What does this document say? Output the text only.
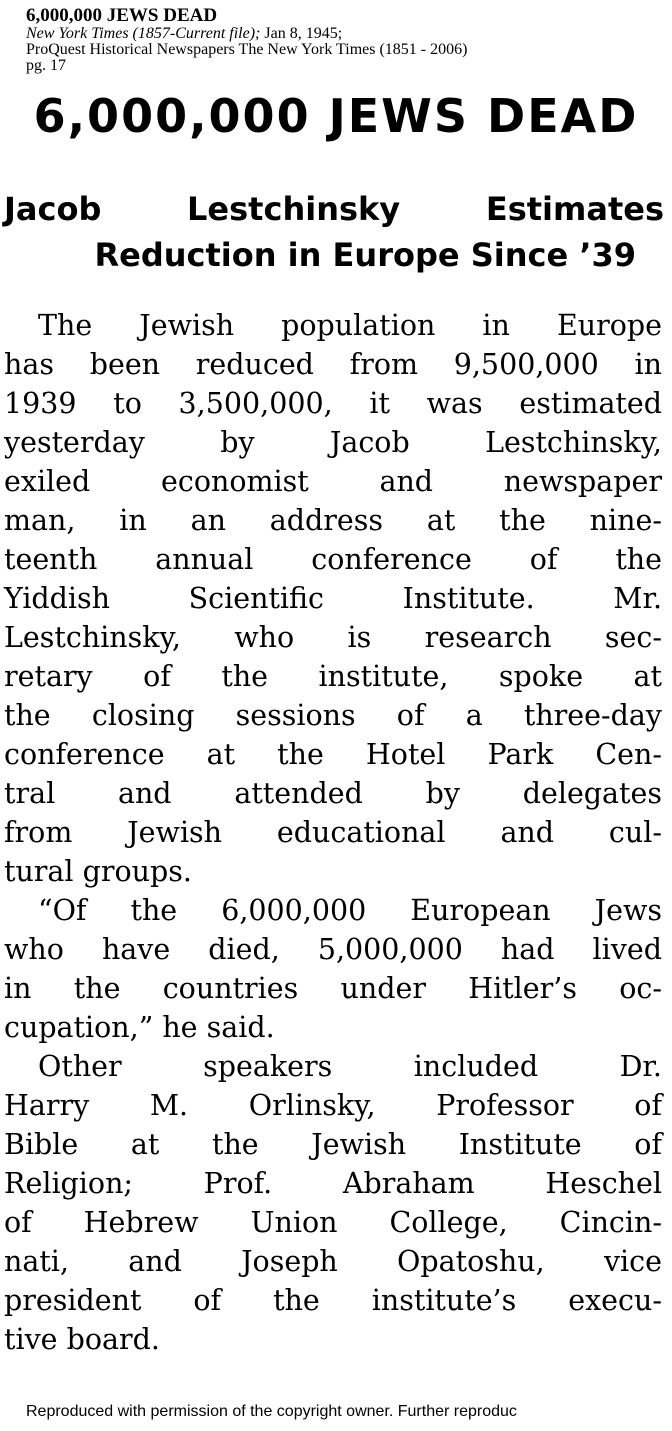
6,000,000 JEWS DEAD
New York Times (1857-Current file); Jan 8, 1945;
ProQuest Historical Newspapers The New York Times (1851 - 2006)
pg. 17
6,000,000 JEWS DEAD
Jacob	Lestchinsky	Estimates
Reduction in Europe Since ’39
The Jewish population in Europe
has been reduced from 9,500,000 in
1939 to 3,500,000, it was estimated
yesterday by Jacob Lestchinsky,
exiled economist and newspaper
man, in an address at the nine-
teenth annual conference of the
Yiddish Scientific Institute. Mr.
Lestchinsky, who is research sec-
retary of the institute, spoke at
the closing sessions of a three-day
conference at the Hotel Park Cen-
tral and attended by delegates
from Jewish educational and cul-
tural groups.
“Of the 6,000,000 European Jews
who have died, 5,000,000 had lived
in the countries under Hitler’s oc-
cupation,” he said.
Other speakers included Dr.
Harry M. Orlinsky, Professor of
Bible at the Jewish Institute of
Religion; Prof. Abraham Heschel
of Hebrew Union College, Cincin-
nati, and Joseph Opatoshu, vice
president of the institute’s execu-
tive board.
Reproduced with permission of the copyright owner. Further reproduc
